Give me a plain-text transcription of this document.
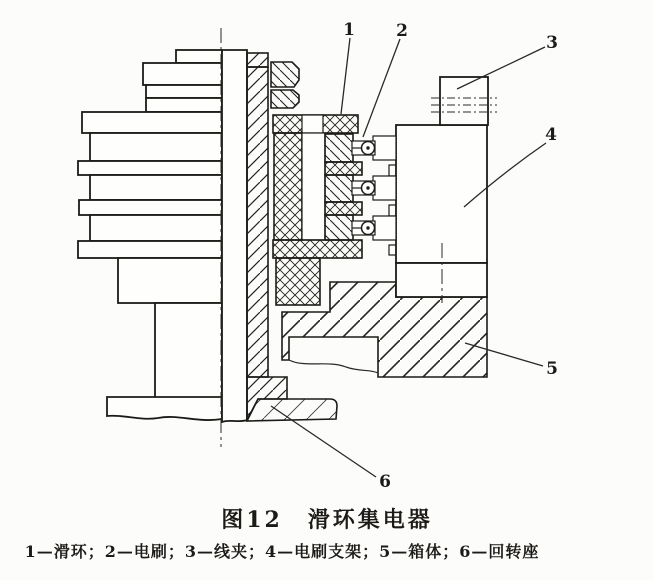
1 2
3
4
5
6
图12　滑环集电器
1—滑环；2—电刷；3—线夹；4—电刷支架；5—箱体；6—回转座
